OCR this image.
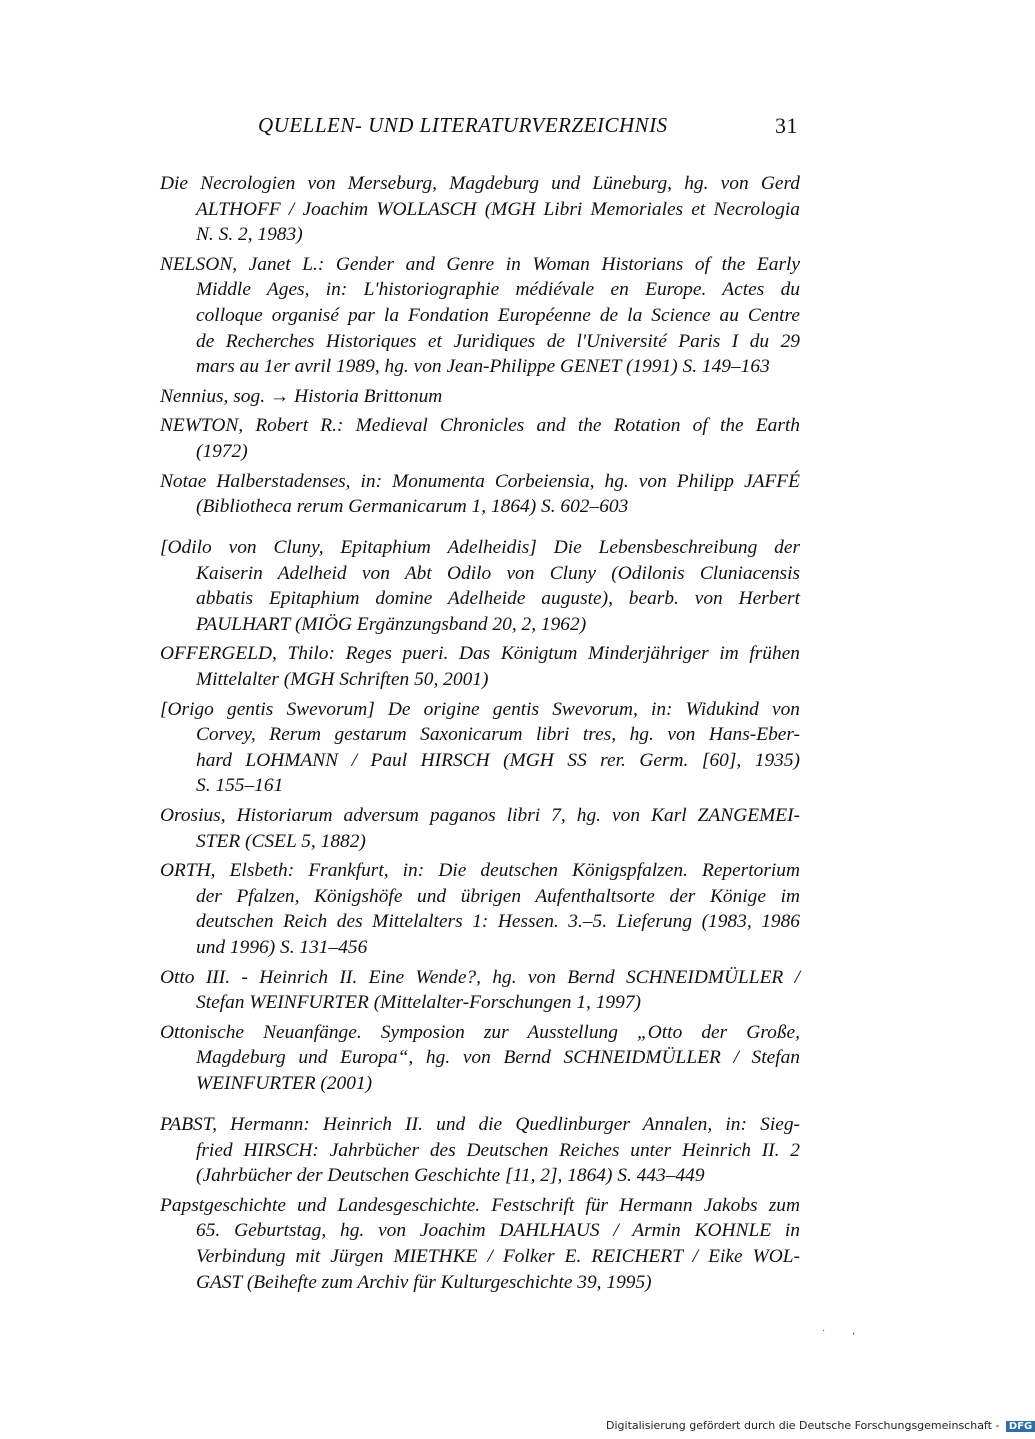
QUELLEN- UND LITERATURVERZEICHNIS	31
Die Necrologien von Merseburg, Magdeburg und Lüneburg, hg. von Gerd
ALTHOFF / Joachim WOLLASCH (MGH Libri Memoriales et Necrologia
N. S. 2, 1983)
NELSON, Janet L.: Gender and Genre in Woman Historians of the Early
Middle Ages, in: L'historiographie médiévale en Europe. Actes du
colloque organisé par la Fondation Européenne de la Science au Centre
de Recherches Historiques et Juridiques de l'Université Paris I du 29
mars au 1er avril 1989, hg. von Jean-Philippe GENET (1991) S. 149–163
Nennius, sog. → Historia Brittonum
NEWTON, Robert R.: Medieval Chronicles and the Rotation of the Earth
(1972)
Notae Halberstadenses, in: Monumenta Corbeiensia, hg. von Philipp JAFFÉ
(Bibliotheca rerum Germanicarum 1, 1864) S. 602–603
[Odilo von Cluny, Epitaphium Adelheidis] Die Lebensbeschreibung der
Kaiserin Adelheid von Abt Odilo von Cluny (Odilonis Cluniacensis
abbatis Epitaphium domine Adelheide auguste), bearb. von Herbert
PAULHART (MIÖG Ergänzungsband 20, 2, 1962)
OFFERGELD, Thilo: Reges pueri. Das Königtum Minderjähriger im frühen
Mittelalter (MGH Schriften 50, 2001)
[Origo gentis Swevorum] De origine gentis Swevorum, in: Widukind von
Corvey, Rerum gestarum Saxonicarum libri tres, hg. von Hans-Eber-
hard LOHMANN / Paul HIRSCH (MGH SS rer. Germ. [60], 1935)
S. 155–161
Orosius, Historiarum adversum paganos libri 7, hg. von Karl ZANGEMEI-
STER (CSEL 5, 1882)
ORTH, Elsbeth: Frankfurt, in: Die deutschen Königspfalzen. Repertorium
der Pfalzen, Königshöfe und übrigen Aufenthaltsorte der Könige im
deutschen Reich des Mittelalters 1: Hessen. 3.–5. Lieferung (1983, 1986
und 1996) S. 131–456
Otto III. - Heinrich II. Eine Wende?, hg. von Bernd SCHNEIDMÜLLER /
Stefan WEINFURTER (Mittelalter-Forschungen 1, 1997)
Ottonische Neuanfänge. Symposion zur Ausstellung „Otto der Große,
Magdeburg und Europa“, hg. von Bernd SCHNEIDMÜLLER / Stefan
WEINFURTER (2001)
PABST, Hermann: Heinrich II. und die Quedlinburger Annalen, in: Sieg-
fried HIRSCH: Jahrbücher des Deutschen Reiches unter Heinrich II. 2
(Jahrbücher der Deutschen Geschichte [11, 2], 1864) S. 443–449
Papstgeschichte und Landesgeschichte. Festschrift für Hermann Jakobs zum
65. Geburtstag, hg. von Joachim DAHLHAUS / Armin KOHNLE in
Verbindung mit Jürgen MIETHKE / Folker E. REICHERT / Eike WOL-
GAST (Beihefte zum Archiv für Kulturgeschichte 39, 1995)
·	,
Digitalisierung gefördert durch die Deutsche Forschungsgemeinschaft - DFG
